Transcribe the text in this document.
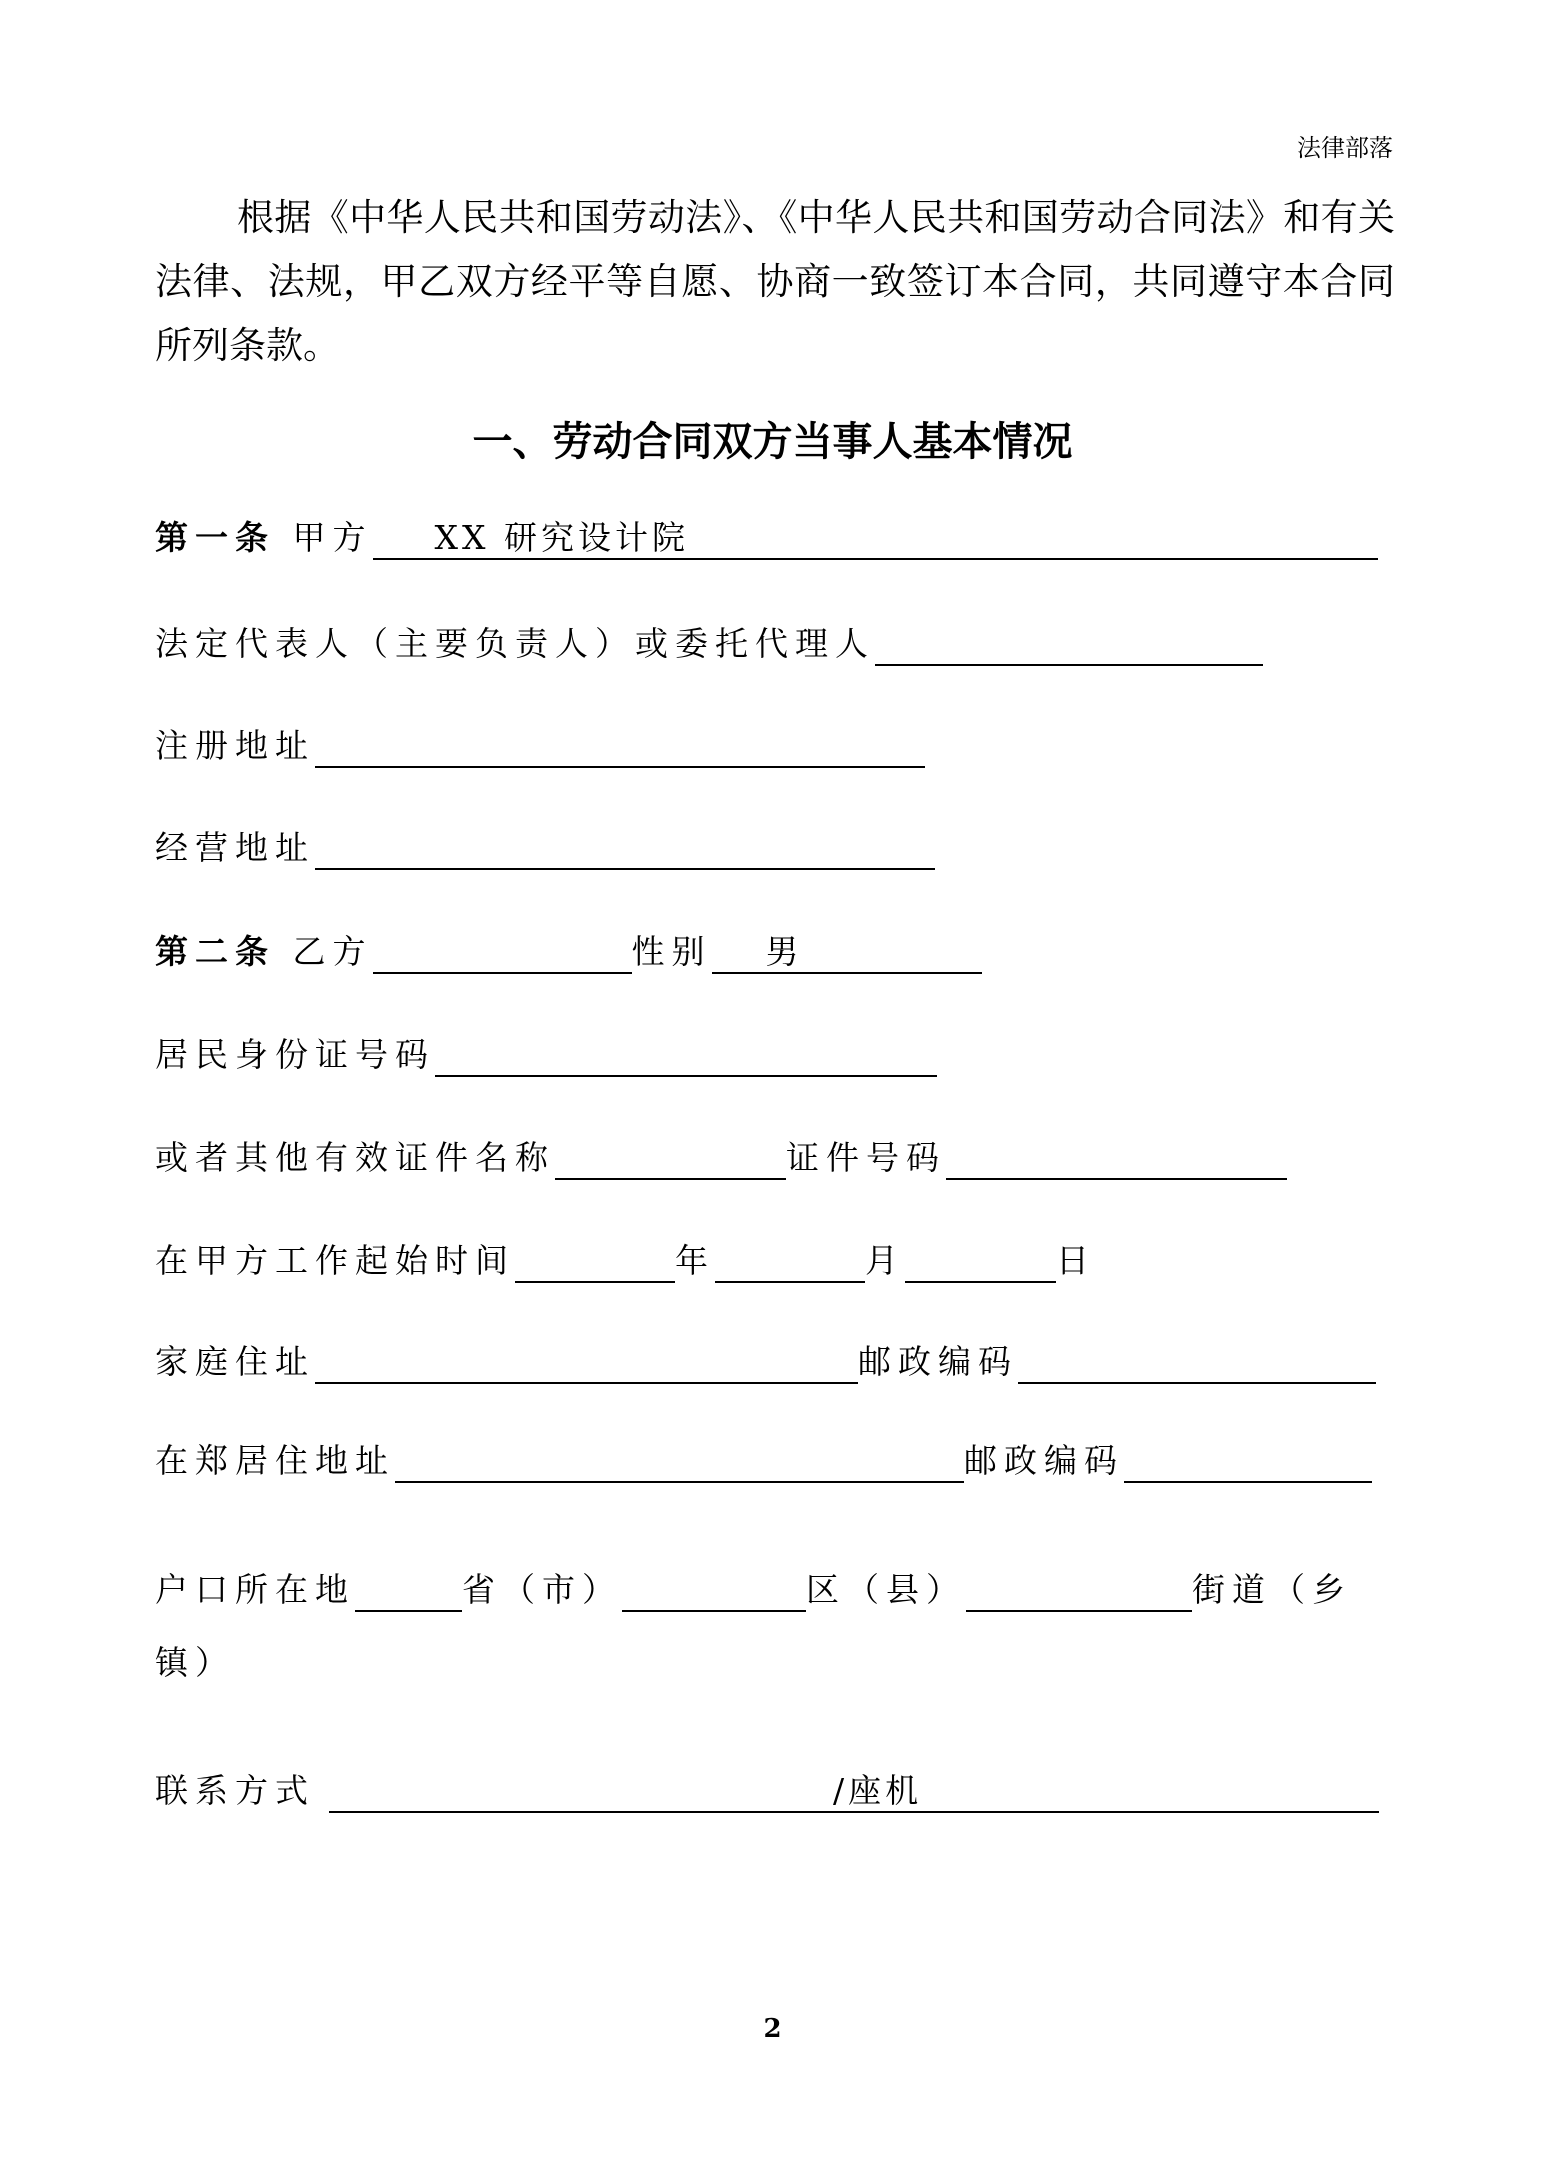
法律部落
根据《中华人民共和国劳动法》、《中华人民共和国劳动合同法》和有关法律、法规，甲乙双方经平等自愿、协商一致签订本合同，共同遵守本合同所列条款。
一、劳动合同双方当事人基本情况
第一条 甲方 XX 研究设计院
法定代表人（主要负责人）或委托代理人
注册地址
经营地址
第二条 乙方	性别 男
居民身份证号码
或者其他有效证件名称	证件号码
在甲方工作起始时间	年	月	日
家庭住址	邮政编码
在郑居住地址	邮政编码
户口所在地	省（市）	区（县）	街道（乡
镇）
联系方式	/座机
2
